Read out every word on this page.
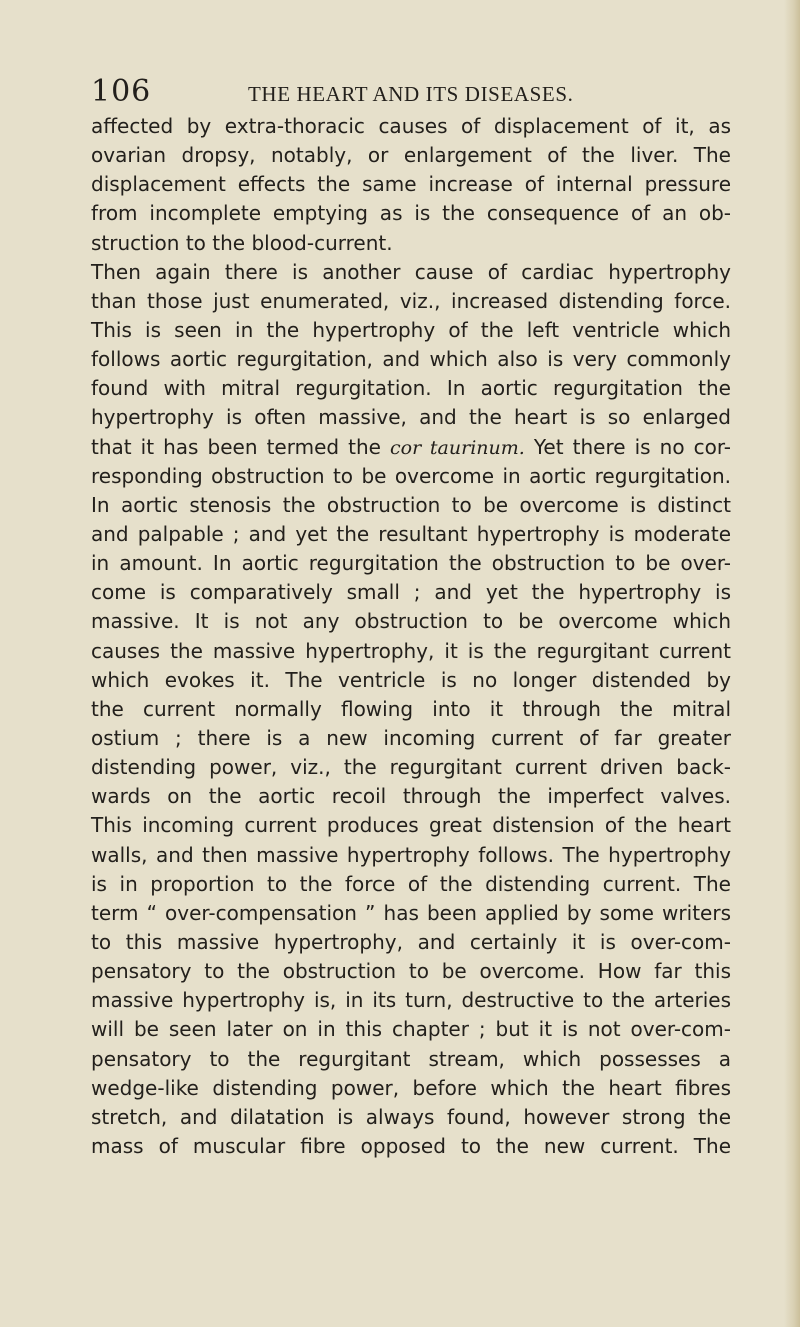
106	THE HEART AND ITS DISEASES.
affected by extra-thoracic causes of displacement of it, as
ovarian dropsy, notably, or enlargement of the liver. The
displacement effects the same increase of internal pressure
from incomplete emptying as is the consequence of an ob-
struction to the blood-current.
Then again there is another cause of cardiac hypertrophy
than those just enumerated, viz., increased distending force.
This is seen in the hypertrophy of the left ventricle which
follows aortic regurgitation, and which also is very commonly
found with mitral regurgitation. In aortic regurgitation the
hypertrophy is often massive, and the heart is so enlarged
that it has been termed the cor taurinum. Yet there is no cor-
responding obstruction to be overcome in aortic regurgitation.
In aortic stenosis the obstruction to be overcome is distinct
and palpable ; and yet the resultant hypertrophy is moderate
in amount. In aortic regurgitation the obstruction to be over-
come is comparatively small ; and yet the hypertrophy is
massive. It is not any obstruction to be overcome which
causes the massive hypertrophy, it is the regurgitant current
which evokes it. The ventricle is no longer distended by
the current normally flowing into it through the mitral
ostium ; there is a new incoming current of far greater
distending power, viz., the regurgitant current driven back-
wards on the aortic recoil through the imperfect valves.
This incoming current produces great distension of the heart
walls, and then massive hypertrophy follows. The hypertrophy
is in proportion to the force of the distending current. The
term “ over-compensation ” has been applied by some writers
to this massive hypertrophy, and certainly it is over-com-
pensatory to the obstruction to be overcome. How far this
massive hypertrophy is, in its turn, destructive to the arteries
will be seen later on in this chapter ; but it is not over-com-
pensatory to the regurgitant stream, which possesses a
wedge-like distending power, before which the heart fibres
stretch, and dilatation is always found, however strong the
mass of muscular fibre opposed to the new current. The
